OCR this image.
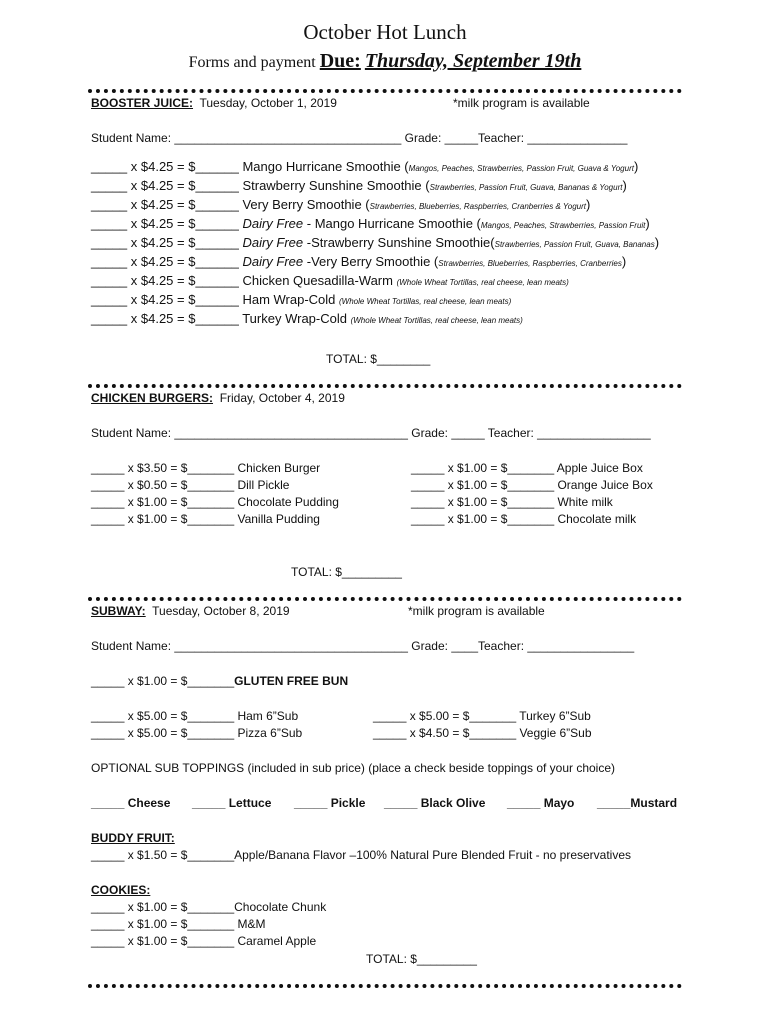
October Hot Lunch
Forms and payment Due: Thursday, September 19th
BOOSTER JUICE: Tuesday, October 1, 2019	*milk program is available
Student Name: __________________________________ Grade: _____Teacher: _______________
_____ x $4.25 = $______ Mango Hurricane Smoothie (Mangos, Peaches, Strawberries, Passion Fruit, Guava & Yogurt)
_____ x $4.25 = $______ Strawberry Sunshine Smoothie (Strawberries, Passion Fruit, Guava, Bananas & Yogurt)
_____ x $4.25 = $______ Very Berry Smoothie (Strawberries, Blueberries, Raspberries, Cranberries & Yogurt)
_____ x $4.25 = $______ Dairy Free - Mango Hurricane Smoothie (Mangos, Peaches, Strawberries, Passion Fruit)
_____ x $4.25 = $______ Dairy Free -Strawberry Sunshine Smoothie(Strawberries, Passion Fruit, Guava, Bananas)
_____ x $4.25 = $______ Dairy Free -Very Berry Smoothie (Strawberries, Blueberries, Raspberries, Cranberries)
_____ x $4.25 = $______ Chicken Quesadilla-Warm (Whole Wheat Tortillas, real cheese, lean meats)
_____ x $4.25 = $______ Ham Wrap-Cold (Whole Wheat Tortillas, real cheese, lean meats)
_____ x $4.25 = $______ Turkey Wrap-Cold (Whole Wheat Tortillas, real cheese, lean meats)
TOTAL: $________
CHICKEN BURGERS: Friday, October 4, 2019
Student Name: ___________________________________ Grade: _____ Teacher: _________________
_____ x $3.50 = $_______ Chicken Burger
_____ x $0.50 = $_______ Dill Pickle
_____ x $1.00 = $_______ Chocolate Pudding
_____ x $1.00 = $_______ Vanilla Pudding
_____ x $1.00 = $_______ Apple Juice Box
_____ x $1.00 = $_______ Orange Juice Box
_____ x $1.00 = $_______ White milk
_____ x $1.00 = $_______ Chocolate milk
TOTAL: $_________
SUBWAY: Tuesday, October 8, 2019	*milk program is available
Student Name: ___________________________________ Grade: ____Teacher: ________________
_____ x $1.00 = $_______GLUTEN FREE BUN
_____ x $5.00 = $_______ Ham 6”Sub
_____ x $5.00 = $_______ Pizza 6”Sub
_____ x $5.00 = $_______ Turkey 6”Sub
_____ x $4.50 = $_______ Veggie 6”Sub
OPTIONAL SUB TOPPINGS (included in sub price) (place a check beside toppings of your choice)
_____ Cheese _____ Lettuce _____ Pickle _____ Black Olive _____ Mayo _____Mustard
BUDDY FRUIT:
_____ x $1.50 = $_______Apple/Banana Flavor –100% Natural Pure Blended Fruit - no preservatives
COOKIES:
_____ x $1.00 = $_______Chocolate Chunk
_____ x $1.00 = $_______ M&M
_____ x $1.00 = $_______ Caramel Apple
TOTAL: $_________
